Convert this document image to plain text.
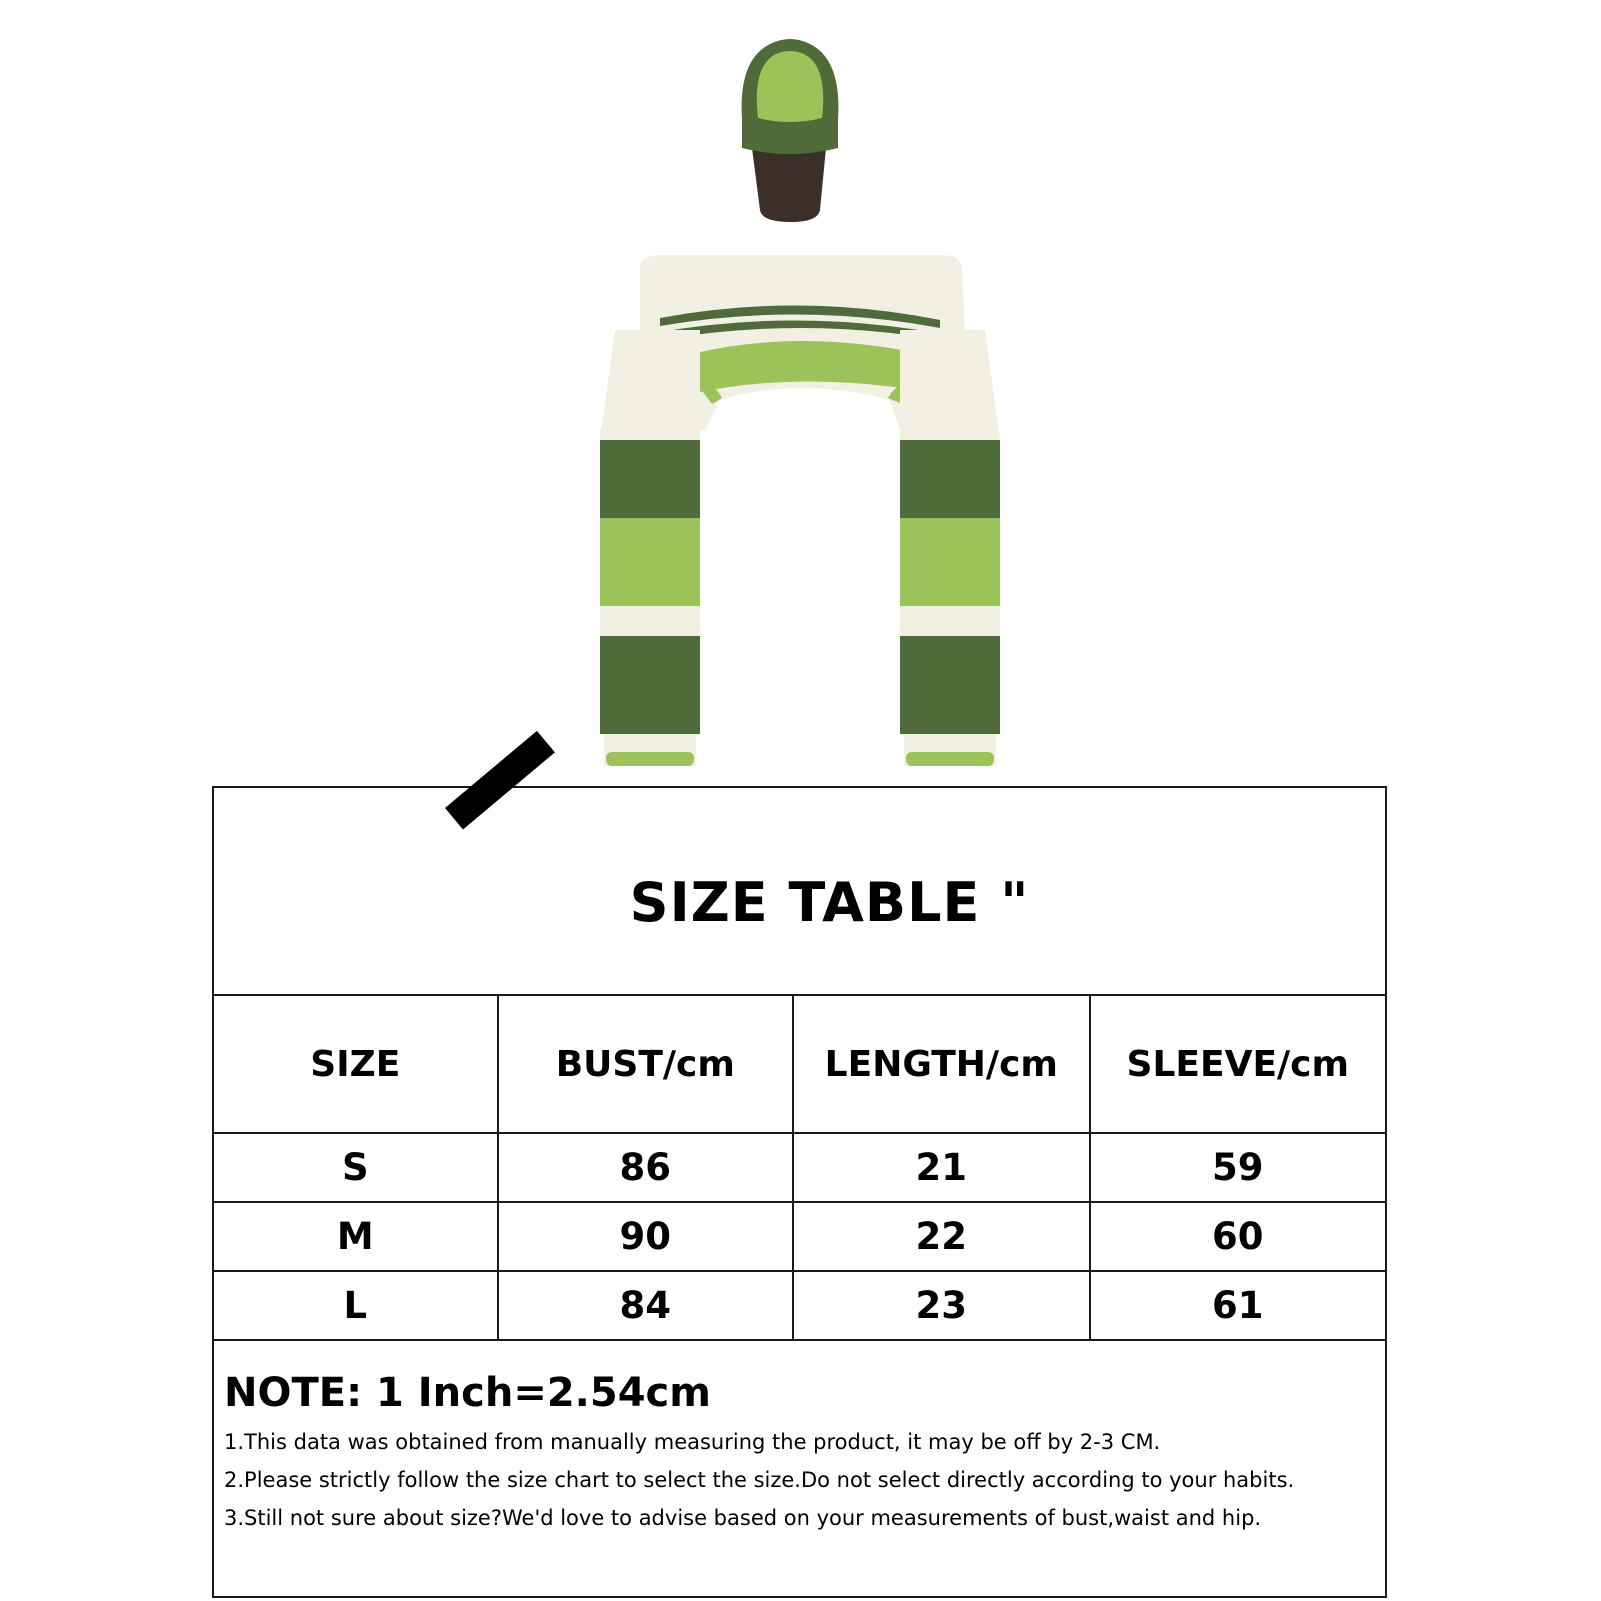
SIZE TABLE "
SIZE	BUST/cm	LENGTH/cm	SLEEVE/cm
S	86	21	59
M	90	22	60
L	84	23	61
NOTE: 1 Inch=2.54cm
1.This data was obtained from manually measuring the product, it may be off by 2-3 CM.
2.Please strictly follow the size chart to select the size.Do not select directly according to your habits.
3.Still not sure about size?We'd love to advise based on your measurements of bust,waist and hip.
